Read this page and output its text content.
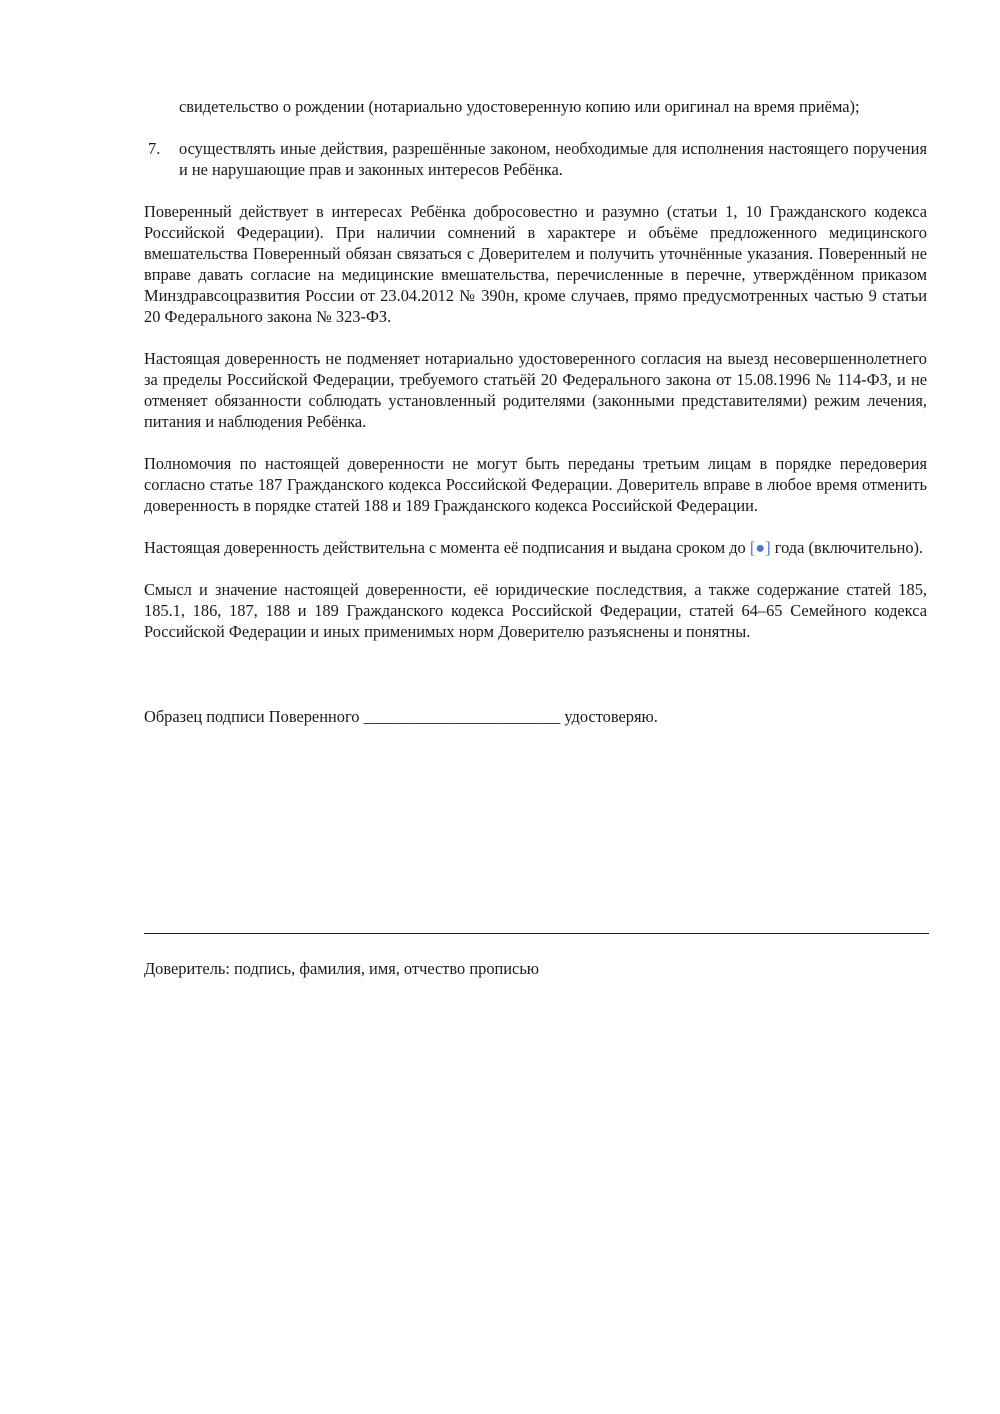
свидетельство о рождении (нотариально удостоверенную копию или оригинал на время приёма);

7. осуществлять иные действия, разрешённые законом, необходимые для исполнения настоящего поручения и не нарушающие прав и законных интересов Ребёнка.

Поверенный действует в интересах Ребёнка добросовестно и разумно (статьи 1, 10 Гражданского кодекса Российской Федерации). При наличии сомнений в характере и объёме предложенного медицинского вмешательства Поверенный обязан связаться с Доверителем и получить уточнённые указания. Поверенный не вправе давать согласие на медицинские вмешательства, перечисленные в перечне, утверждённом приказом Минздравсоцразвития России от 23.04.2012 № 390н, кроме случаев, прямо предусмотренных частью 9 статьи 20 Федерального закона № 323-ФЗ.

Настоящая доверенность не подменяет нотариально удостоверенного согласия на выезд несовершеннолетнего за пределы Российской Федерации, требуемого статьёй 20 Федерального закона от 15.08.1996 № 114-ФЗ, и не отменяет обязанности соблюдать установленный родителями (законными представителями) режим лечения, питания и наблюдения Ребёнка.

Полномочия по настоящей доверенности не могут быть переданы третьим лицам в порядке передоверия согласно статье 187 Гражданского кодекса Российской Федерации. Доверитель вправе в любое время отменить доверенность в порядке статей 188 и 189 Гражданского кодекса Российской Федерации.

Настоящая доверенность действительна с момента её подписания и выдана сроком до [●] года (включительно).

Смысл и значение настоящей доверенности, её юридические последствия, а также содержание статей 185, 185.1, 186, 187, 188 и 189 Гражданского кодекса Российской Федерации, статей 64–65 Семейного кодекса Российской Федерации и иных применимых норм Доверителю разъяснены и понятны.

Образец подписи Поверенного ________________________ удостоверяю.

Доверитель: подпись, фамилия, имя, отчество прописью
